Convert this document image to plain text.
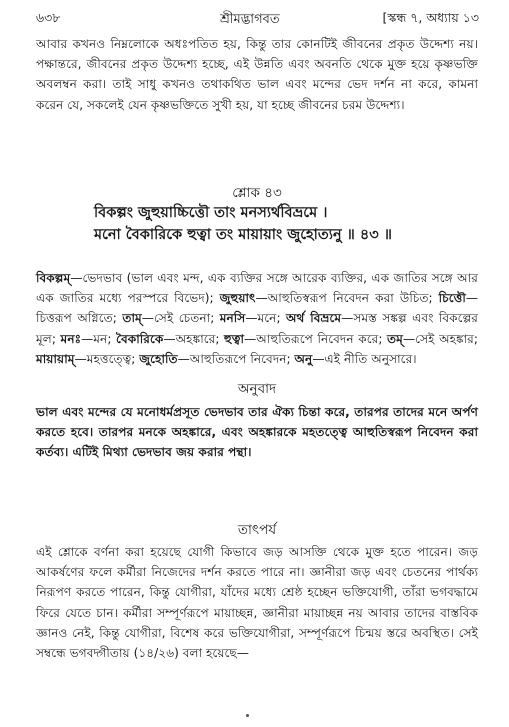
৬৩৮	শ্রীমদ্ভাগবত	[স্কন্ধ ৭, অধ্যায় ১৩

আবার কখনও নিম্নলোকে অধঃপতিত হয়, কিন্তু তার কোনটিই জীবনের প্রকৃত উদ্দেশ্য নয়। পক্ষান্তরে, জীবনের প্রকৃত উদ্দেশ্য হচ্ছে, এই উন্নতি এবং অবনতি থেকে মুক্ত হয়ে কৃষ্ণভক্তি অবলম্বন করা। তাই সাধু কখনও তথাকথিত ভাল এবং মন্দের ভেদ দর্শন না করে, কামনা করেন যে, সকলেই যেন কৃষ্ণভক্তিতে সুখী হয়, যা হচ্ছে জীবনের চরম উদ্দেশ্য।

শ্লোক ৪৩
বিকল্পং জুহুয়াচ্চিত্তৌ তাং মনস্যর্থবিভ্রমে ।
মনো বৈকারিকে হুত্বা তং মায়ায়াং জুহোত্যনু ॥ ৪৩ ॥

বিকল্পম্—ভেদভাব (ভাল এবং মন্দ, এক ব্যক্তির সঙ্গে আরেক ব্যক্তির, এক জাতির সঙ্গে আর এক জাতির মধ্যে পরস্পরে বিভেদ); জুহুয়াৎ—আহুতিস্বরূপ নিবেদন করা উচিত; চিত্তৌ—চিত্তরূপ অগ্নিতে; তাম্—সেই চেতনা; মনসি—মনে; অর্থ বিভ্রমে—সমস্ত সঙ্কল্প এবং বিকল্পের মূল; মনঃ—মন; বৈকারিকে—অহঙ্কারে; হুত্বা—আহুতিরূপে নিবেদন করে; তম্—সেই অহঙ্কার; মায়ায়াম্—মহত্তত্ত্বে; জুহোতি—আহুতিরূপে নিবেদন; অনু—এই নীতি অনুসারে।

অনুবাদ

ভাল এবং মন্দের যে মনোধর্মপ্রসূত ভেদভাব তার ঐক্য চিন্তা করে, তারপর তাদের মনে অর্পণ করতে হবে। তারপর মনকে অহঙ্কারে, এবং অহঙ্কারকে মহতত্ত্বে আহুতিস্বরূপ নিবেদন করা কর্তব্য। এটিই মিথ্যা ভেদভাব জয় করার পন্থা।

তাৎপর্য

এই শ্লোকে বর্ণনা করা হয়েছে যোগী কিভাবে জড় আসক্তি থেকে মুক্ত হতে পারেন। জড় আকর্ষণের ফলে কর্মীরা নিজেদের দর্শন করতে পারে না। জ্ঞানীরা জড় এবং চেতনের পার্থক্য নিরূপণ করতে পারেন, কিন্তু যোগীরা, যাঁদের মধ্যে শ্রেষ্ঠ হচ্ছেন ভক্তিযোগী, তাঁরা ভগবদ্ধামে ফিরে যেতে চান। কর্মীরা সম্পূর্ণরূপে মায়াচ্ছন্ন, জ্ঞানীরা মায়াচ্ছন্ন নয় আবার তাদের বাস্তবিক জ্ঞানও নেই, কিন্তু যোগীরা, বিশেষ করে ভক্তিযোগীরা, সম্পূর্ণরূপে চিন্ময় স্তরে অবস্থিত। সেই সম্বন্ধে ভগবদ্গীতায় (১৪/২৬) বলা হয়েছে—
